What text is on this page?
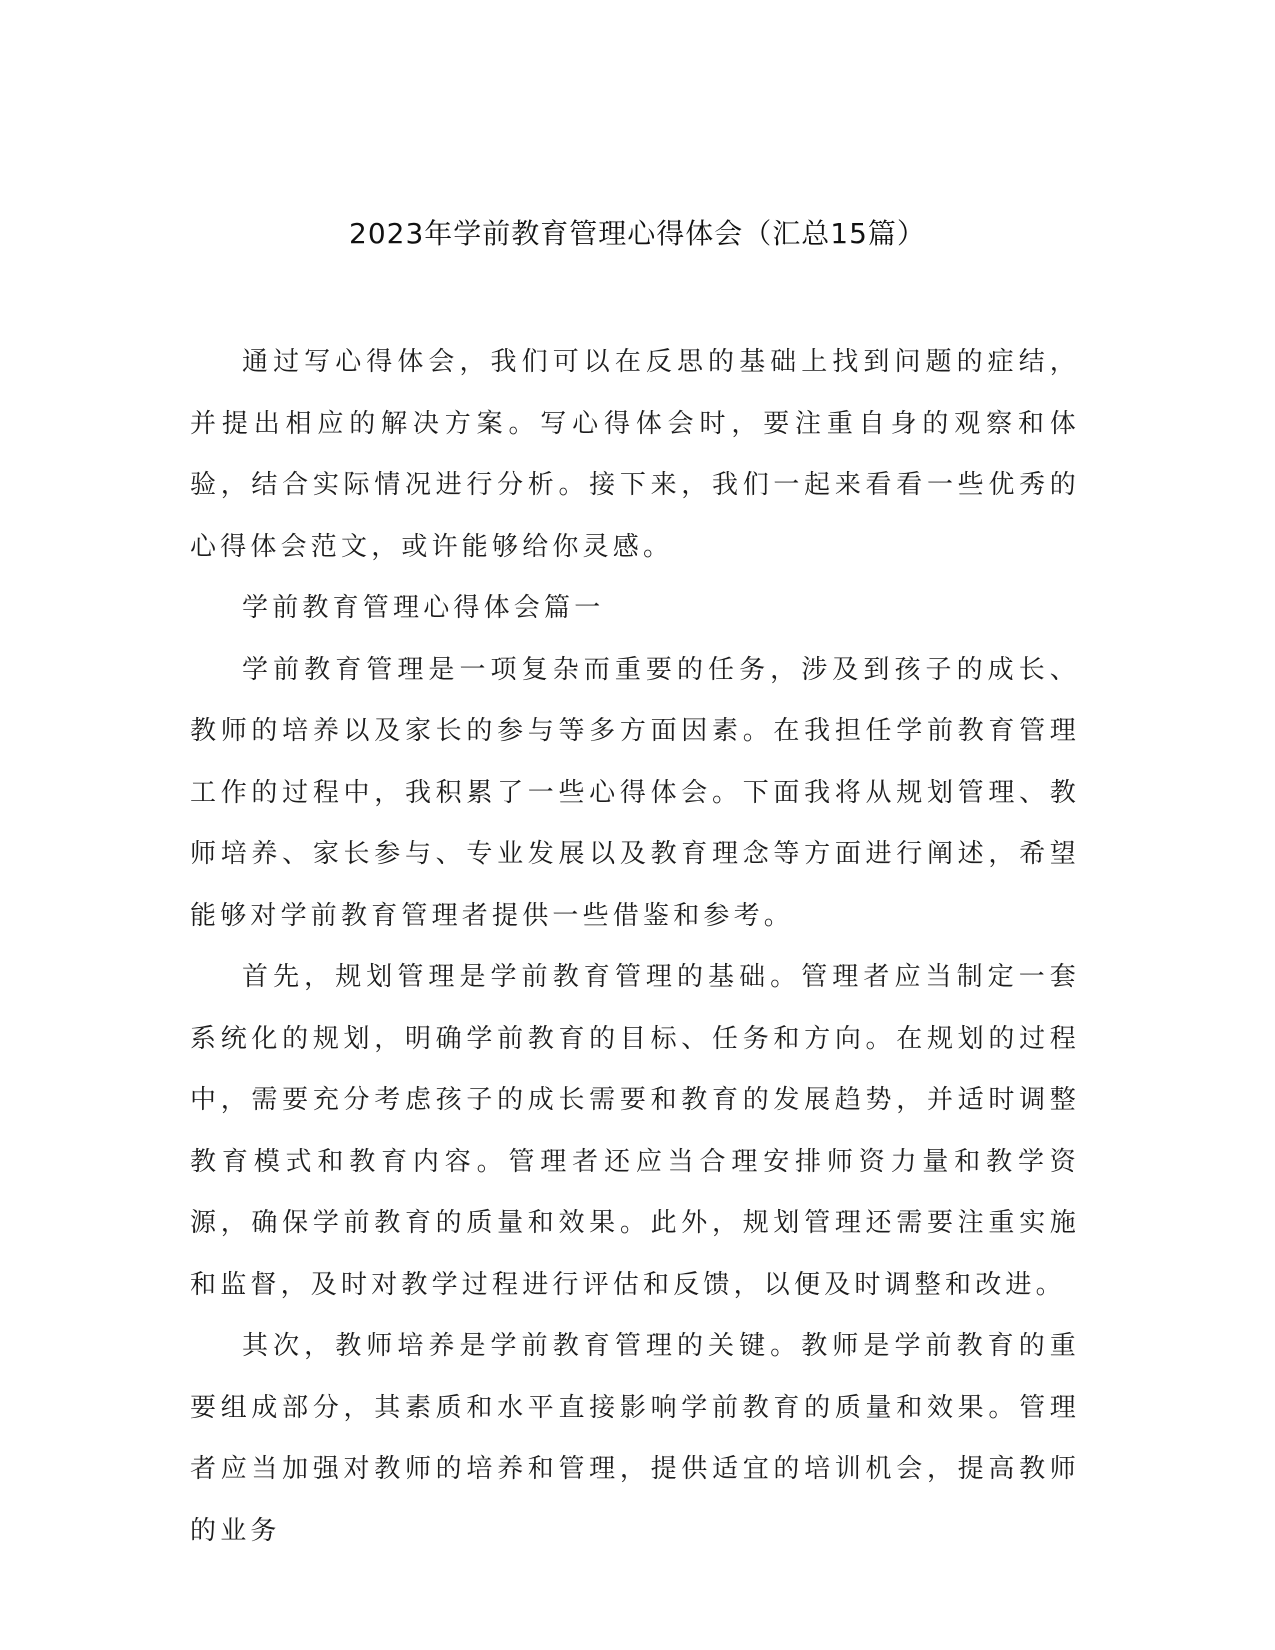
2023年学前教育管理心得体会（汇总15篇）

通过写心得体会，我们可以在反思的基础上找到问题的症结，并提出相应的解决方案。写心得体会时，要注重自身的观察和体验，结合实际情况进行分析。接下来，我们一起来看看一些优秀的心得体会范文，或许能够给你灵感。

学前教育管理心得体会篇一

学前教育管理是一项复杂而重要的任务，涉及到孩子的成长、教师的培养以及家长的参与等多方面因素。在我担任学前教育管理工作的过程中，我积累了一些心得体会。下面我将从规划管理、教师培养、家长参与、专业发展以及教育理念等方面进行阐述，希望能够对学前教育管理者提供一些借鉴和参考。

首先，规划管理是学前教育管理的基础。管理者应当制定一套系统化的规划，明确学前教育的目标、任务和方向。在规划的过程中，需要充分考虑孩子的成长需要和教育的发展趋势，并适时调整教育模式和教育内容。管理者还应当合理安排师资力量和教学资源，确保学前教育的质量和效果。此外，规划管理还需要注重实施和监督，及时对教学过程进行评估和反馈，以便及时调整和改进。

其次，教师培养是学前教育管理的关键。教师是学前教育的重要组成部分，其素质和水平直接影响学前教育的质量和效果。管理者应当加强对教师的培养和管理，提供适宜的培训机会，提高教师的业务
